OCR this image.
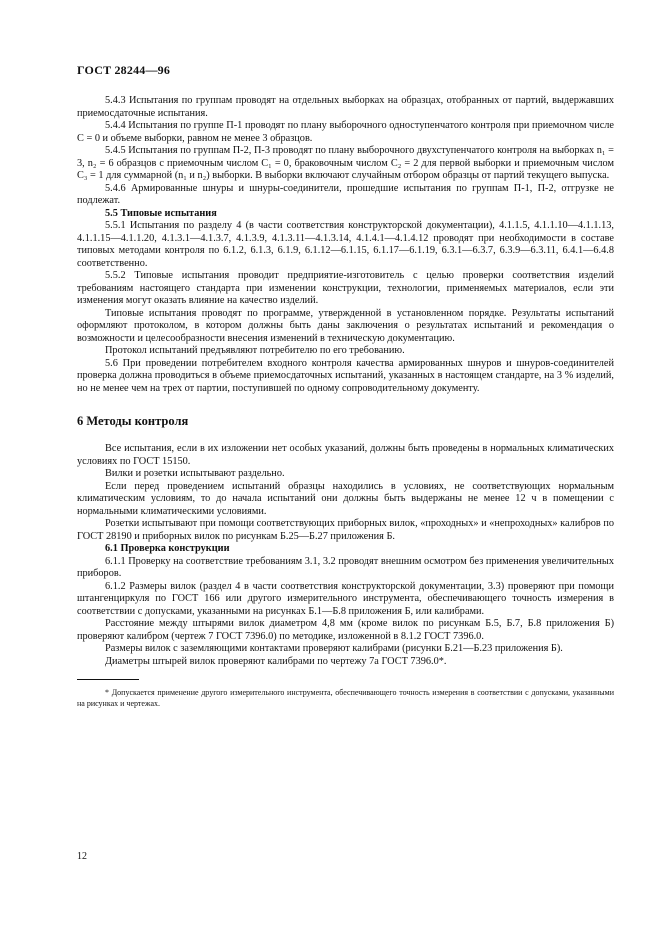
ГОСТ 28244—96

5.4.3 Испытания по группам проводят на отдельных выборках на образцах, отобранных от партий, выдержавших приемосдаточные испытания.

5.4.4 Испытания по группе П-1 проводят по плану выборочного одноступенчатого контроля при приемочном числе C = 0 и объеме выборки, равном не менее 3 образцов.

5.4.5 Испытания по группам П-2, П-3 проводят по плану выборочного двухступенчатого контроля на выборках n₁ = 3, n₂ = 6 образцов с приемочным числом C₁ = 0, браковочным числом C₂ = 2 для первой выборки и приемочным числом C₃ = 1 для суммарной (n₁ и n₂) выборки. В выборки включают случайным отбором образцы от партий текущего выпуска.

5.4.6 Армированные шнуры и шнуры-соединители, прошедшие испытания по группам П-1, П-2, отгрузке не подлежат.

5.5 Типовые испытания

5.5.1 Испытания по разделу 4 (в части соответствия конструкторской документации), 4.1.1.5, 4.1.1.10—4.1.1.13, 4.1.1.15—4.1.1.20, 4.1.3.1—4.1.3.7, 4.1.3.9, 4.1.3.11—4.1.3.14, 4.1.4.1—4.1.4.12 проводят при необходимости в составе типовых методами контроля по 6.1.2, 6.1.3, 6.1.9, 6.1.12—6.1.15, 6.1.17—6.1.19, 6.3.1—6.3.7, 6.3.9—6.3.11, 6.4.1—6.4.8 соответственно.

5.5.2 Типовые испытания проводит предприятие-изготовитель с целью проверки соответствия изделий требованиям настоящего стандарта при изменении конструкции, технологии, применяемых материалов, если эти изменения могут оказать влияние на качество изделий.

Типовые испытания проводят по программе, утвержденной в установленном порядке. Результаты испытаний оформляют протоколом, в котором должны быть даны заключения о результатах испытаний и рекомендация о возможности и целесообразности внесения изменений в техническую документацию.

Протокол испытаний предъявляют потребителю по его требованию.

5.6 При проведении потребителем входного контроля качества армированных шнуров и шнуров-соединителей проверка должна проводиться в объеме приемосдаточных испытаний, указанных в настоящем стандарте, на 3 % изделий, но не менее чем на трех от партии, поступившей по одному сопроводительному документу.

6 Методы контроля

Все испытания, если в их изложении нет особых указаний, должны быть проведены в нормальных климатических условиях по ГОСТ 15150.

Вилки и розетки испытывают раздельно.

Если перед проведением испытаний образцы находились в условиях, не соответствующих нормальным климатическим условиям, то до начала испытаний они должны быть выдержаны не менее 12 ч в помещении с нормальными климатическими условиями.

Розетки испытывают при помощи соответствующих приборных вилок, «проходных» и «непроходных» калибров по ГОСТ 28190 и приборных вилок по рисункам Б.25—Б.27 приложения Б.

6.1 Проверка конструкции

6.1.1 Проверку на соответствие требованиям 3.1, 3.2 проводят внешним осмотром без применения увеличительных приборов.

6.1.2 Размеры вилок (раздел 4 в части соответствия конструкторской документации, 3.3) проверяют при помощи штангенциркуля по ГОСТ 166 или другого измерительного инструмента, обеспечивающего точность измерения в соответствии с допусками, указанными на рисунках Б.1—Б.8 приложения Б, или калибрами.

Расстояние между штырями вилок диаметром 4,8 мм (кроме вилок по рисункам Б.5, Б.7, Б.8 приложения Б) проверяют калибром (чертеж 7 ГОСТ 7396.0) по методике, изложенной в 8.1.2 ГОСТ 7396.0.

Размеры вилок с заземляющими контактами проверяют калибрами (рисунки Б.21—Б.23 приложения Б).

Диаметры штырей вилок проверяют калибрами по чертежу 7а ГОСТ 7396.0*.

* Допускается применение другого измерительного инструмента, обеспечивающего точность измерения в соответствии с допусками, указанными на рисунках и чертежах.

12
